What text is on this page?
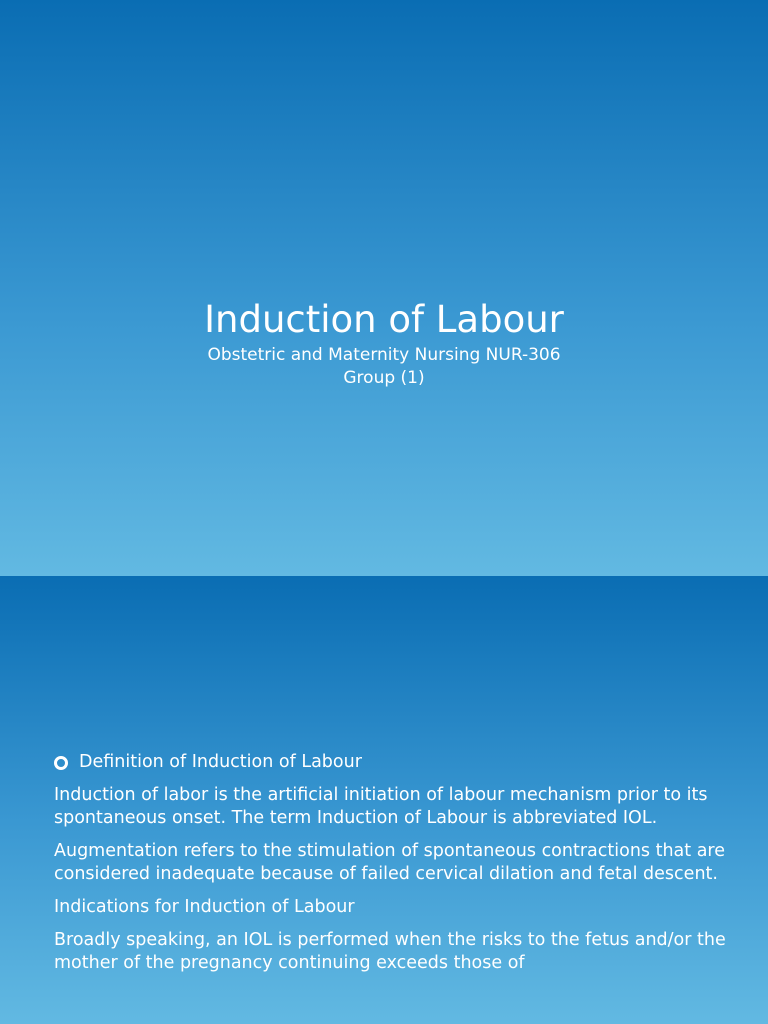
Induction of Labour
Obstetric and Maternity Nursing NUR-306
Group (1)
Definition of Induction of Labour

Induction of labor is the artificial initiation of labour mechanism prior to its spontaneous onset. The term Induction of Labour is abbreviated IOL.

Augmentation refers to the stimulation of spontaneous contractions that are considered inadequate because of failed cervical dilation and fetal descent.

Indications for Induction of Labour

Broadly speaking, an IOL is performed when the risks to the fetus and/or the mother of the pregnancy continuing exceeds those of
